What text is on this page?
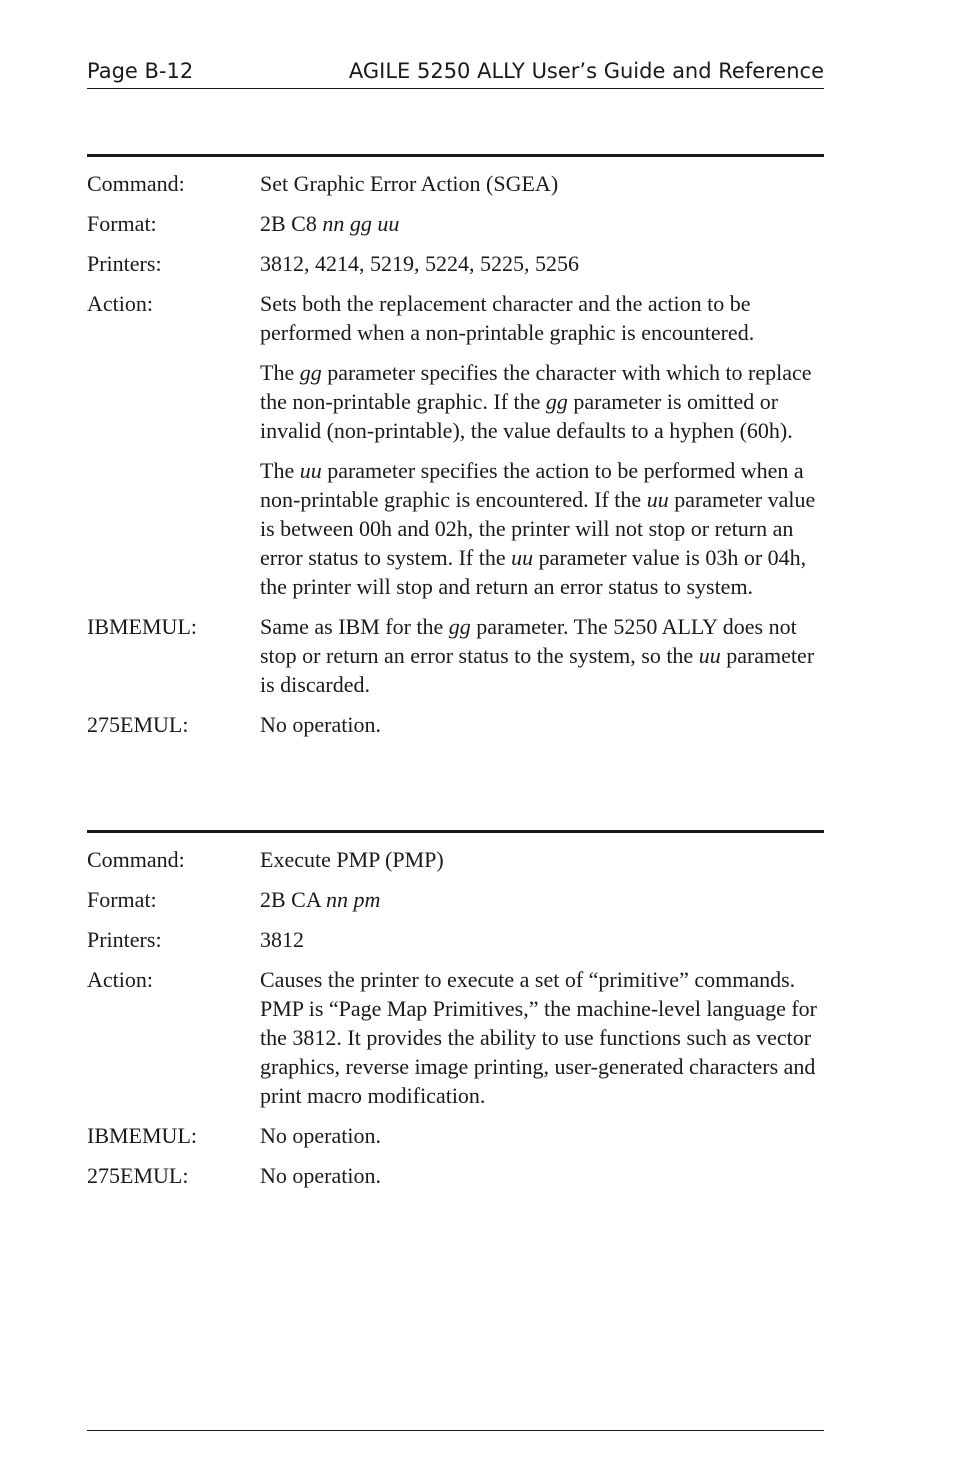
Page B-12	AGILE 5250 ALLY User’s Guide and Reference
Command:	Set Graphic Error Action (SGEA)
Format:	2B C8 nn gg uu
Printers:	3812, 4214, 5219, 5224, 5225, 5256
Action:	Sets both the replacement character and the action to be performed when a non-printable graphic is encountered.

The gg parameter specifies the character with which to replace the non-printable graphic. If the gg parameter is omitted or invalid (non-printable), the value defaults to a hyphen (60h).

The uu parameter specifies the action to be performed when a non-printable graphic is encountered. If the uu parameter value is between 00h and 02h, the printer will not stop or return an error status to system. If the uu parameter value is 03h or 04h, the printer will stop and return an error status to system.

IBMEMUL:	Same as IBM for the gg parameter. The 5250 ALLY does not stop or return an error status to the system, so the uu parameter is discarded.
275EMUL:	No operation.
Command:	Execute PMP (PMP)
Format:	2B CA nn pm
Printers:	3812
Action:	Causes the printer to execute a set of “primitive” commands. PMP is “Page Map Primitives,” the machine-level language for the 3812. It provides the ability to use functions such as vector graphics, reverse image printing, user-generated characters and print macro modification.

IBMEMUL:	No operation.
275EMUL:	No operation.
